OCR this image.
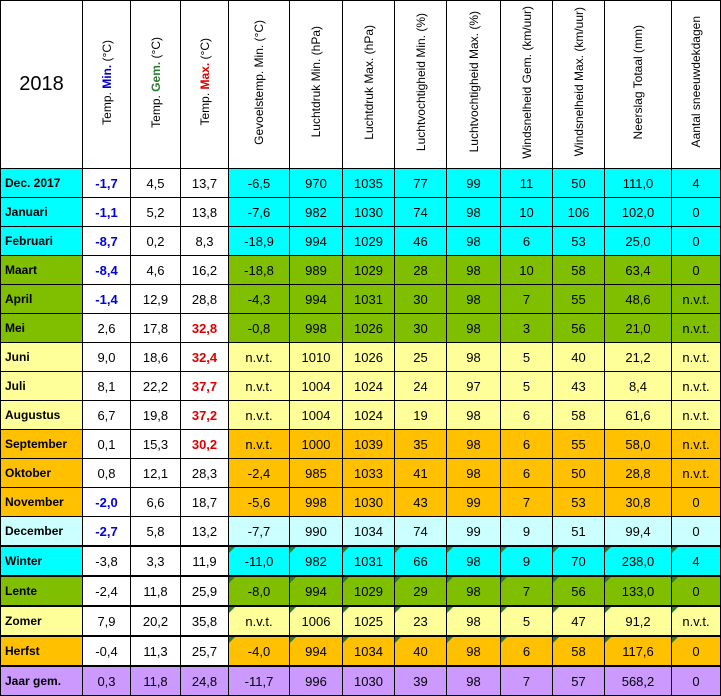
2018	Temp. Min. (°C)	Temp. Gem. (°C)	Temp. Max. (°C)	Gevoelstemp. Min. (°C)	Luchtdruk Min. (hPa)	Luchtdruk Max. (hPa)	Luchtvochtigheid Min. (%)	Luchtvochtigheid Max. (%)	Windsnelheid Gem. (km/uur)	Windsnelheid Max. (km/uur)	Neerslag Totaal (mm)	Aantal sneeuwdekdagen
Dec. 2017	-1,7	4,5	13,7	-6,5	970	1035	77	99	11	50	111,0	4
Januari	-1,1	5,2	13,8	-7,6	982	1030	74	98	10	106	102,0	0
Februari	-8,7	0,2	8,3	-18,9	994	1029	46	98	6	53	25,0	0
Maart	-8,4	4,6	16,2	-18,8	989	1029	28	98	10	58	63,4	0
April	-1,4	12,9	28,8	-4,3	994	1031	30	98	7	55	48,6	n.v.t.
Mei	2,6	17,8	32,8	-0,8	998	1026	30	98	3	56	21,0	n.v.t.
Juni	9,0	18,6	32,4	n.v.t.	1010	1026	25	98	5	40	21,2	n.v.t.
Juli	8,1	22,2	37,7	n.v.t.	1004	1024	24	97	5	43	8,4	n.v.t.
Augustus	6,7	19,8	37,2	n.v.t.	1004	1024	19	98	6	58	61,6	n.v.t.
September	0,1	15,3	30,2	n.v.t.	1000	1039	35	98	6	55	58,0	n.v.t.
Oktober	0,8	12,1	28,3	-2,4	985	1033	41	98	6	50	28,8	n.v.t.
November	-2,0	6,6	18,7	-5,6	998	1030	43	99	7	53	30,8	0
December	-2,7	5,8	13,2	-7,7	990	1034	74	99	9	51	99,4	0
Winter	-3,8	3,3	11,9	-11,0	982	1031	66	98	9	70	238,0	4
Lente	-2,4	11,8	25,9	-8,0	994	1029	29	98	7	56	133,0	0
Zomer	7,9	20,2	35,8	n.v.t.	1006	1025	23	98	5	47	91,2	n.v.t.
Herfst	-0,4	11,3	25,7	-4,0	994	1034	40	98	6	58	117,6	0
Jaar gem.	0,3	11,8	24,8	-11,7	996	1030	39	98	7	57	568,2	0
